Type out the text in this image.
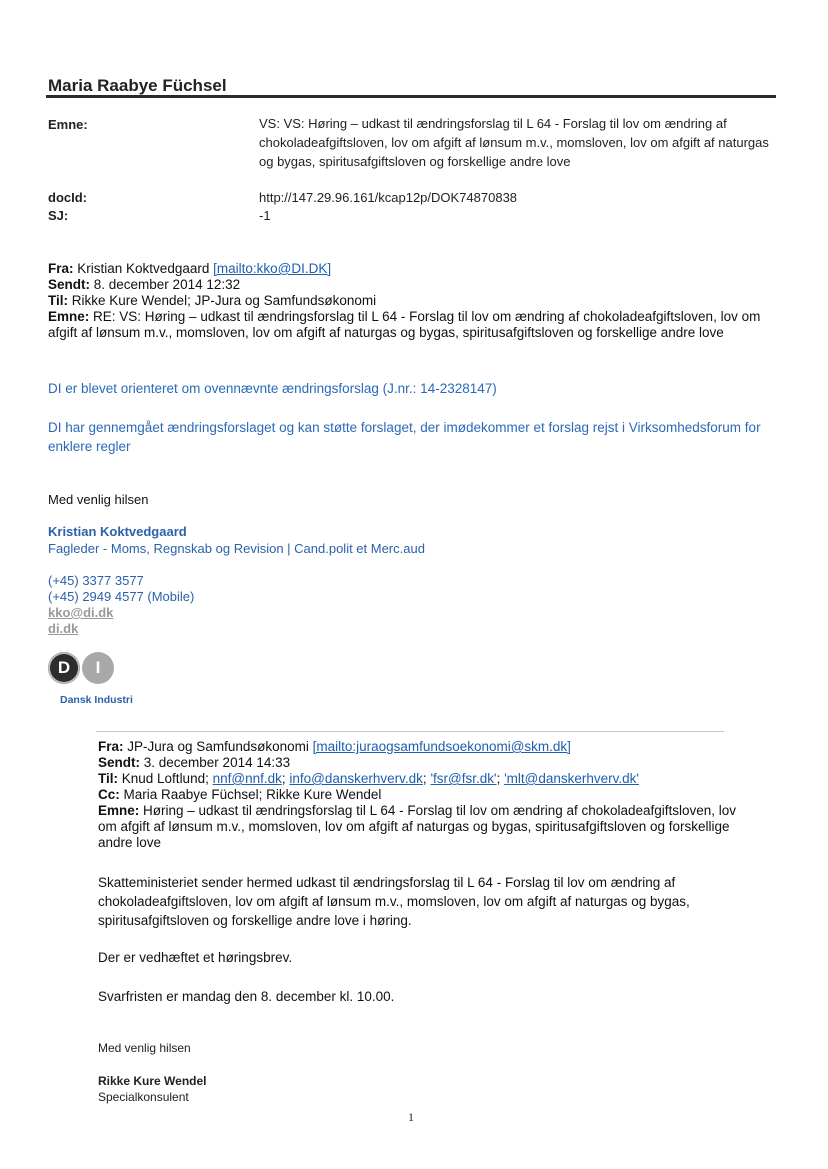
Maria Raabye Füchsel
Emne:	VS: VS: Høring – udkast til ændringsforslag til L 64 - Forslag til lov om ændring af chokoladeafgiftsloven, lov om afgift af lønsum m.v., momsloven, lov om afgift af naturgas og bygas, spiritusafgiftsloven og forskellige andre love
docId:	http://147.29.96.161/kcap12p/DOK74870838
SJ:	-1
Fra: Kristian Koktvedgaard [mailto:kko@DI.DK]
Sendt: 8. december 2014 12:32
Til: Rikke Kure Wendel; JP-Jura og Samfundsøkonomi
Emne: RE: VS: Høring – udkast til ændringsforslag til L 64 - Forslag til lov om ændring af chokoladeafgiftsloven, lov om afgift af lønsum m.v., momsloven, lov om afgift af naturgas og bygas, spiritusafgiftsloven og forskellige andre love
DI er blevet orienteret om ovennævnte ændringsforslag (J.nr.: 14-2328147)
DI har gennemgået ændringsforslaget og kan støtte forslaget, der imødekommer et forslag rejst i Virksomhedsforum for enklere regler
Med venlig hilsen
Kristian Koktvedgaard
Fagleder - Moms, Regnskab og Revision | Cand.polit et Merc.aud
(+45) 3377 3577
(+45) 2949 4577 (Mobile)
kko@di.dk
di.dk
D	I
Dansk Industri
Fra: JP-Jura og Samfundsøkonomi [mailto:juraogsamfundsoekonomi@skm.dk]
Sendt: 3. december 2014 14:33
Til: Knud Loftlund; nnf@nnf.dk; info@danskerhverv.dk; 'fsr@fsr.dk'; 'mlt@danskerhverv.dk'
Cc: Maria Raabye Füchsel; Rikke Kure Wendel
Emne: Høring – udkast til ændringsforslag til L 64 - Forslag til lov om ændring af chokoladeafgiftsloven, lov om afgift af lønsum m.v., momsloven, lov om afgift af naturgas og bygas, spiritusafgiftsloven og forskellige andre love
Skatteministeriet sender hermed udkast til ændringsforslag til L 64 - Forslag til lov om ændring af chokoladeafgiftsloven, lov om afgift af lønsum m.v., momsloven, lov om afgift af naturgas og bygas, spiritusafgiftsloven og forskellige andre love i høring.
Der er vedhæftet et høringsbrev.
Svarfristen er mandag den 8. december kl. 10.00.
Med venlig hilsen
Rikke Kure Wendel
Specialkonsulent
1
